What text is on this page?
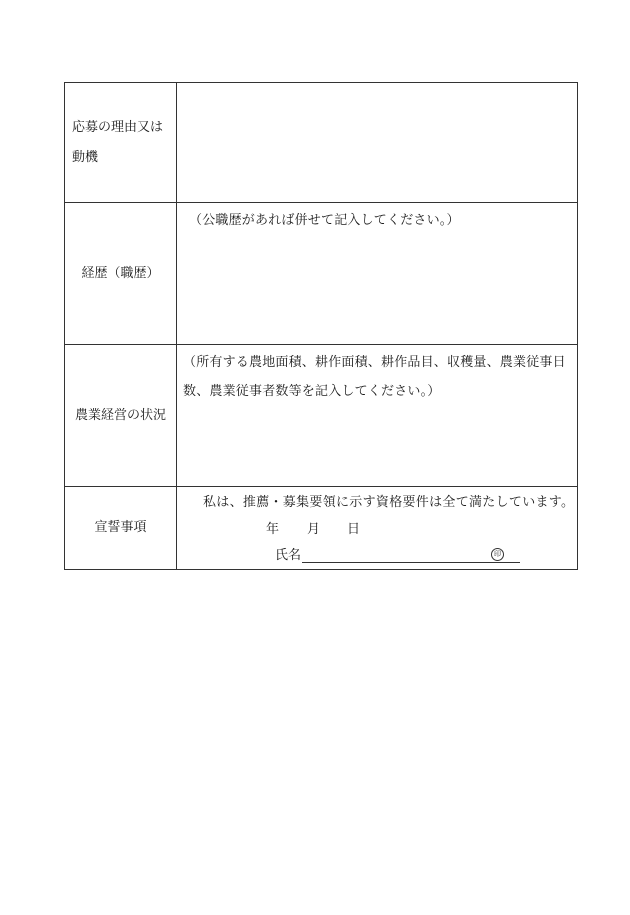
応募の理由又は
動機
経歴（職歴）

（公職歴があれば併せて記入してください。）

農業経営の状況

（所有する農地面積、耕作面積、耕作品目、収穫量、農業従事日
数、農業従事者数等を記入してください。）

宣誓事項
私は、推薦・募集要領に示す資格要件は全て満たしています。
年 月 日
氏名	印
